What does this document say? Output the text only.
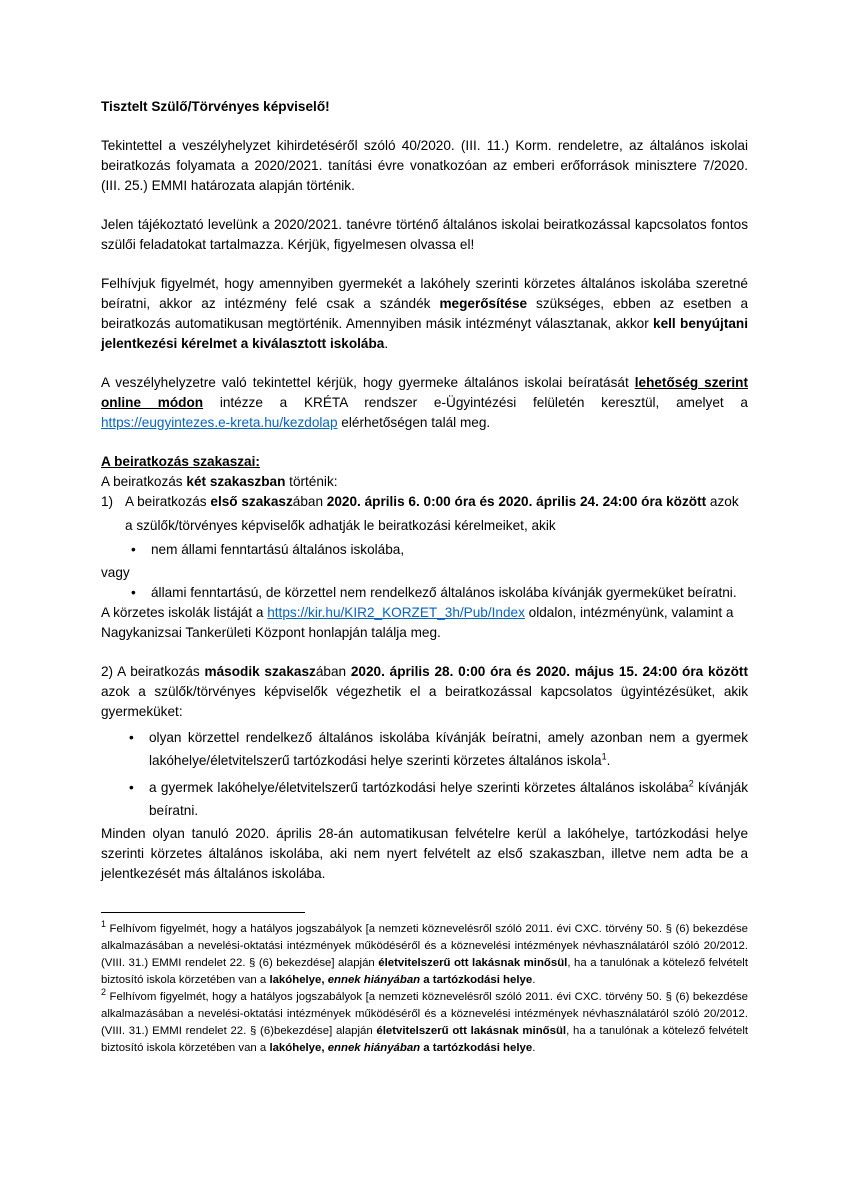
Tisztelt Szülő/Törvényes képviselő!

Tekintettel a veszélyhelyzet kihirdetéséről szóló 40/2020. (III. 11.) Korm. rendeletre, az általános iskolai beiratkozás folyamata a 2020/2021. tanítási évre vonatkozóan az emberi erőforrások minisztere 7/2020. (III. 25.) EMMI határozata alapján történik.

Jelen tájékoztató levelünk a 2020/2021. tanévre történő általános iskolai beiratkozással kapcsolatos fontos szülői feladatokat tartalmazza. Kérjük, figyelmesen olvassa el!

Felhívjuk figyelmét, hogy amennyiben gyermekét a lakóhely szerinti körzetes általános iskolába szeretné beíratni, akkor az intézmény felé csak a szándék megerősítése szükséges, ebben az esetben a beiratkozás automatikusan megtörténik. Amennyiben másik intézményt választanak, akkor kell benyújtani jelentkezési kérelmet a kiválasztott iskolába.

A veszélyhelyzetre való tekintettel kérjük, hogy gyermeke általános iskolai beíratását lehetőség szerint online módon intézze a KRÉTA rendszer e-Ügyintézési felületén keresztül, amelyet a https://eugyintezes.e-kreta.hu/kezdolap elérhetőségen talál meg.

A beiratkozás szakaszai:

A beiratkozás két szakaszban történik:

1) A beiratkozás első szakaszában 2020. április 6. 0:00 óra és 2020. április 24. 24:00 óra között azok

a szülők/törvényes képviselők adhatják le beiratkozási kérelmeiket, akik

• nem állami fenntartású általános iskolába,

vagy

• állami fenntartású, de körzettel nem rendelkező általános iskolába kívánják gyermeküket beíratni.

A körzetes iskolák listáját a https://kir.hu/KIR2_KORZET_3h/Pub/Index oldalon, intézményünk, valamint a Nagykanizsai Tankerületi Központ honlapján találja meg.

2) A beiratkozás második szakaszában 2020. április 28. 0:00 óra és 2020. május 15. 24:00 óra között azok a szülők/törvényes képviselők végezhetik el a beiratkozással kapcsolatos ügyintézésüket, akik gyermeküket:

• olyan körzettel rendelkező általános iskolába kívánják beíratni, amely azonban nem a gyermek lakóhelye/életvitelszerű tartózkodási helye szerinti körzetes általános iskola$^1$.
• a gyermek lakóhelye/életvitelszerű tartózkodási helye szerinti körzetes általános iskolába$^2$ kívánják beíratni.

Minden olyan tanuló 2020. április 28-án automatikusan felvételre kerül a lakóhelye, tartózkodási helye szerinti körzetes általános iskolába, aki nem nyert felvételt az első szakaszban, illetve nem adta be a jelentkezését más általános iskolába.

$^1$ Felhívom figyelmét, hogy a hatályos jogszabályok [a nemzeti köznevelésről szóló 2011. évi CXC. törvény 50. § (6) bekezdése alkalmazásában a nevelési-oktatási intézmények működéséről és a köznevelési intézmények névhasználatáról szóló 20/2012. (VIII. 31.) EMMI rendelet 22. § (6) bekezdése] alapján életvitelszerű ott lakásnak minősül, ha a tanulónak a kötelező felvételt biztosító iskola körzetében van a lakóhelye, ennek hiányában a tartózkodási helye.

$^2$ Felhívom figyelmét, hogy a hatályos jogszabályok [a nemzeti köznevelésről szóló 2011. évi CXC. törvény 50. § (6) bekezdése alkalmazásában a nevelési-oktatási intézmények működéséről és a köznevelési intézmények névhasználatáról szóló 20/2012. (VIII. 31.) EMMI rendelet 22. § (6)bekezdése] alapján életvitelszerű ott lakásnak minősül, ha a tanulónak a kötelező felvételt biztosító iskola körzetében van a lakóhelye, ennek hiányában a tartózkodási helye.
